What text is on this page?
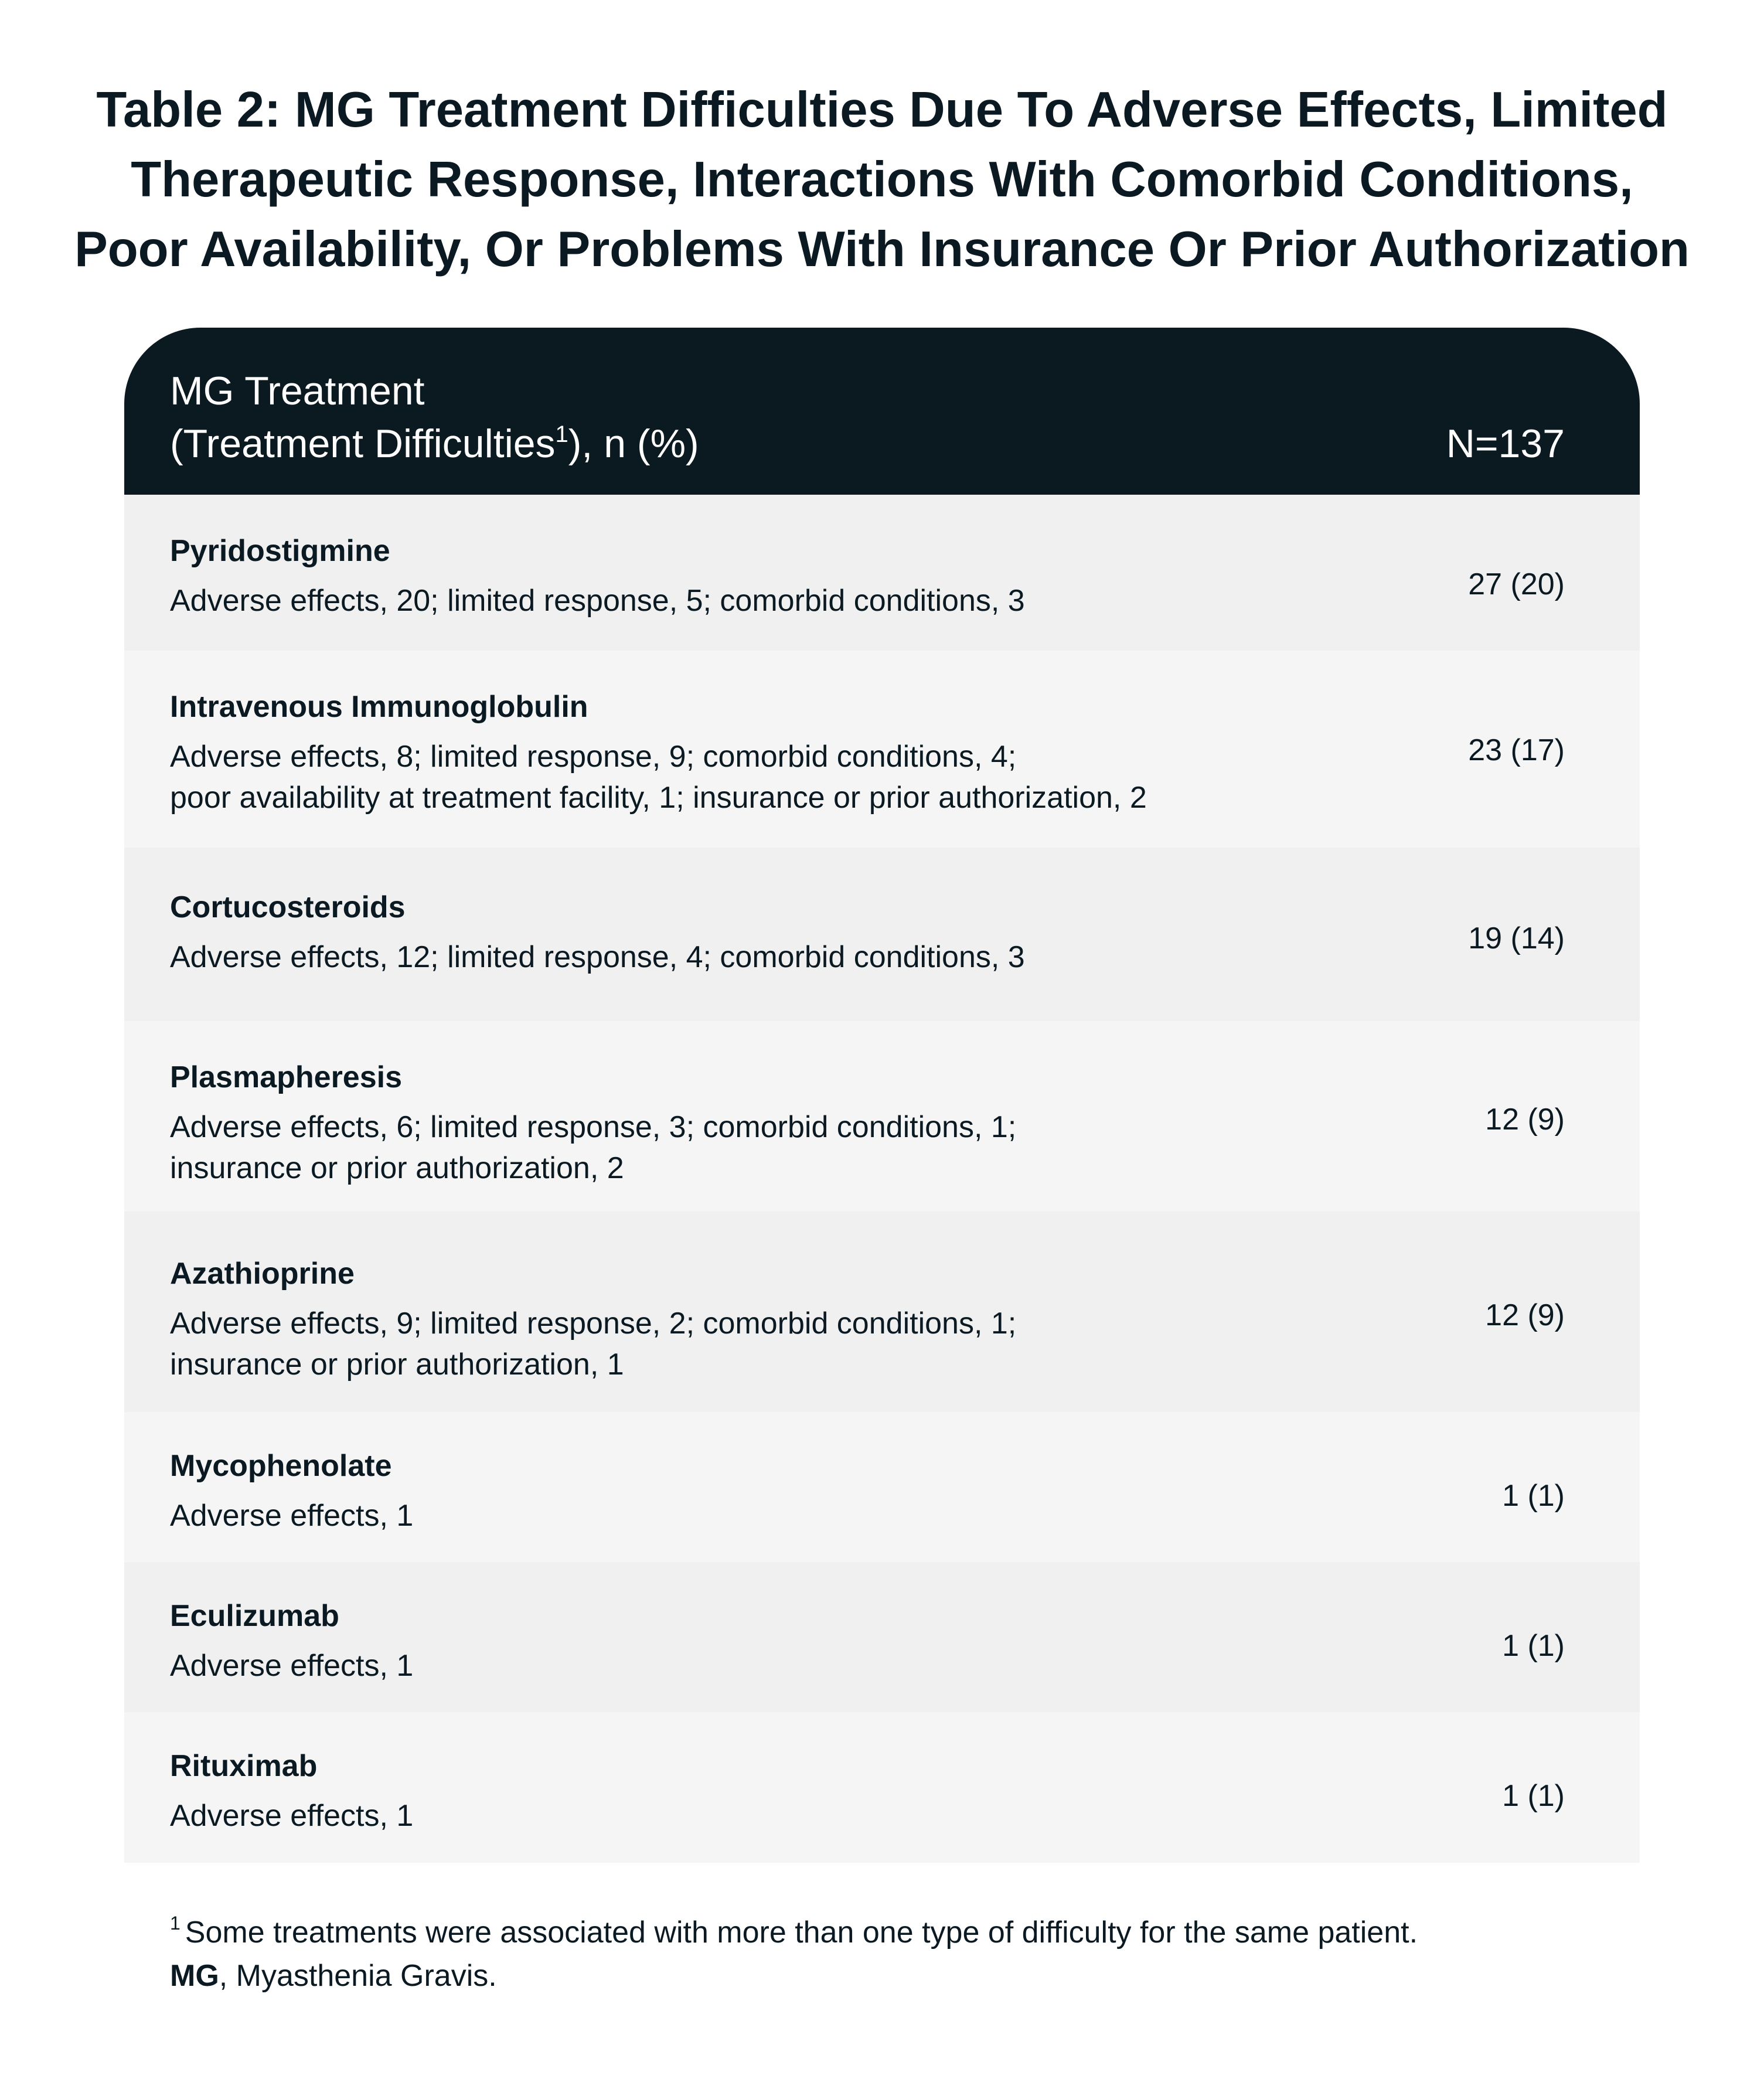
Table 2: MG Treatment Difficulties Due To Adverse Effects, Limited
Therapeutic Response, Interactions With Comorbid Conditions,
Poor Availability, Or Problems With Insurance Or Prior Authorization
MG Treatment
(Treatment Difficulties$^1$), n (%)	N=137
Pyridostigmine
Adverse effects, 20; limited response, 5; comorbid conditions, 3	27 (20)
Intravenous Immunoglobulin
Adverse effects, 8; limited response, 9; comorbid conditions, 4;
poor availability at treatment facility, 1; insurance or prior authorization, 2
23 (17)
Cortucosteroids
Adverse effects, 12; limited response, 4; comorbid conditions, 3
19 (14)
Plasmapheresis
Adverse effects, 6; limited response, 3; comorbid conditions, 1;
insurance or prior authorization, 2
12 (9)
Azathioprine
Adverse effects, 9; limited response, 2; comorbid conditions, 1;
insurance or prior authorization, 1
12 (9)
Mycophenolate
Adverse effects, 1
1 (1)
Eculizumab
Adverse effects, 1
1 (1)
Rituximab
Adverse effects, 1
1 (1)
$^1$ Some treatments were associated with more than one type of difficulty for the same patient.
MG, Myasthenia Gravis.
